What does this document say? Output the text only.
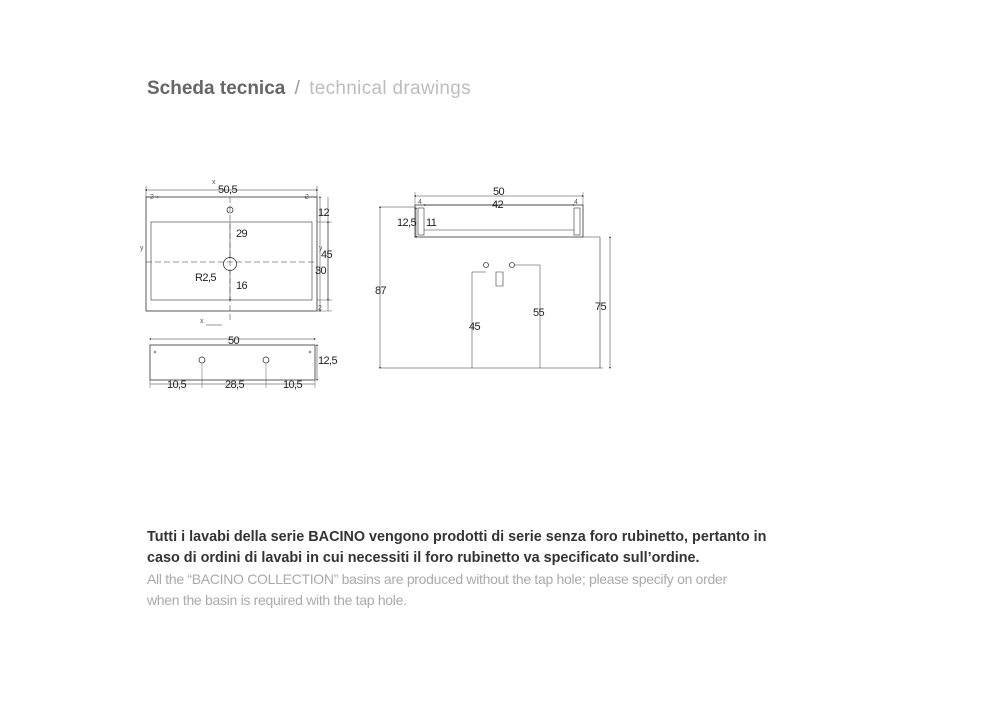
Scheda tecnica / technical drawings
x
x
y	y
50,5
2	2
12
45
30
2
29
R2,5
16
50
12,5
10,5	28,5	10,5
50
42
4	4
12,5 11
87
75
55
45

Tutti i lavabi della serie BACINO vengono prodotti di serie senza foro rubinetto, pertanto in

caso di ordini di lavabi in cui necessiti il foro rubinetto va specificato sull’ordine.

All the “BACINO COLLECTION” basins are produced without the tap hole; please specify on order

when the basin is required with the tap hole.
